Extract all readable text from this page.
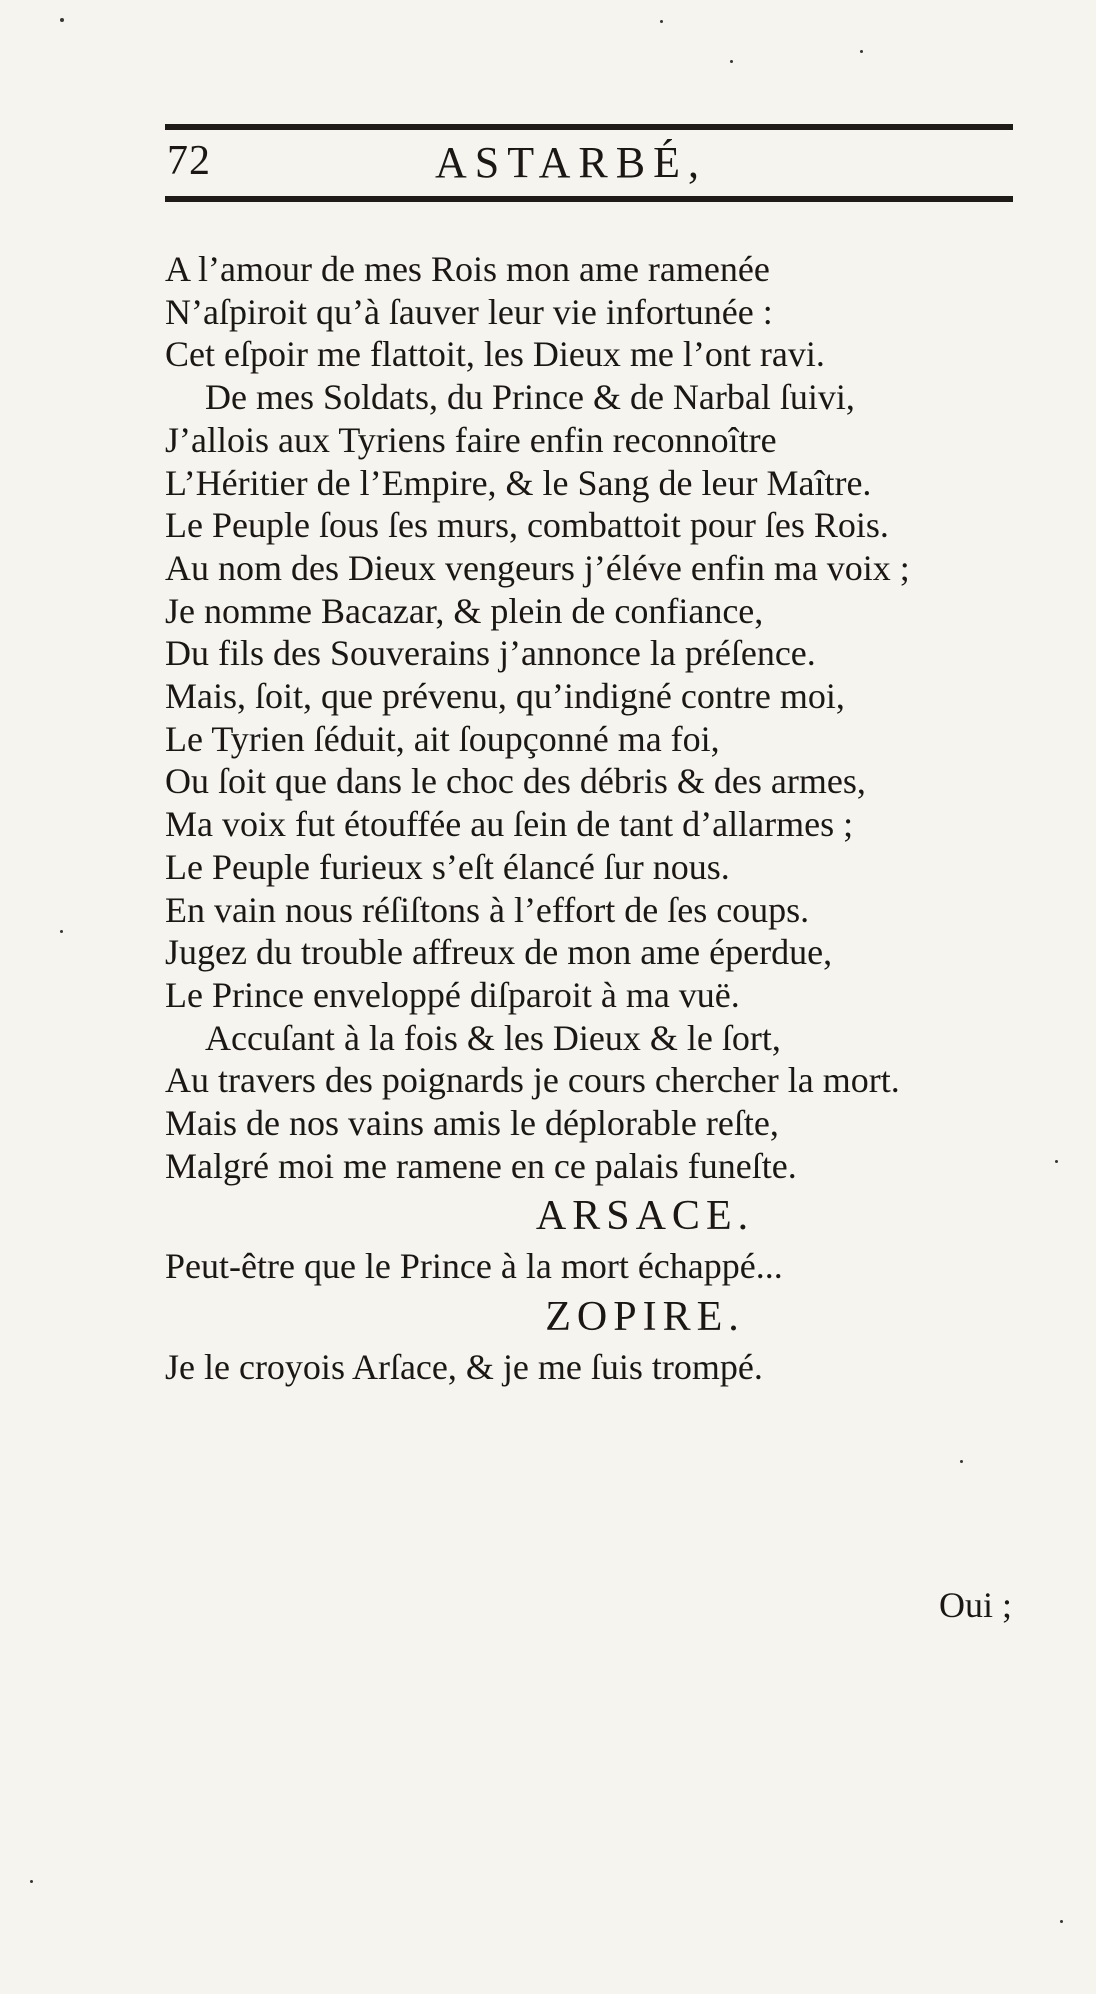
72	ASTARBÉ,
A l’amour de mes Rois mon ame ramenée
N’aſpiroit qu’à ſauver leur vie infortunée :
Cet eſpoir me flattoit, les Dieux me l’ont ravi.
De mes Soldats, du Prince & de Narbal ſuivi,
J’allois aux Tyriens faire enfin reconnoître
L’Héritier de l’Empire, & le Sang de leur Maître.
Le Peuple ſous ſes murs, combattoit pour ſes Rois.
Au nom des Dieux vengeurs j’éléve enfin ma voix ;
Je nomme Bacazar, & plein de confiance,
Du fils des Souverains j’annonce la préſence.
Mais, ſoit, que prévenu, qu’indigné contre moi,
Le Tyrien ſéduit, ait ſoupçonné ma foi,
Ou ſoit que dans le choc des débris & des armes,
Ma voix fut étouffée au ſein de tant d’allarmes ;
Le Peuple furieux s’eſt élancé ſur nous.
En vain nous réſiſtons à l’effort de ſes coups.
Jugez du trouble affreux de mon ame éperdue,
Le Prince enveloppé diſparoit à ma vuë.
Accuſant à la fois & les Dieux & le ſort,
Au travers des poignards je cours chercher la mort.
Mais de nos vains amis le déplorable reſte,
Malgré moi me ramene en ce palais funeſte.
ARSACE.
Peut-être que le Prince à la mort échappé...
ZOPIRE.
Je le croyois Arſace, & je me ſuis trompé.
Oui ;
